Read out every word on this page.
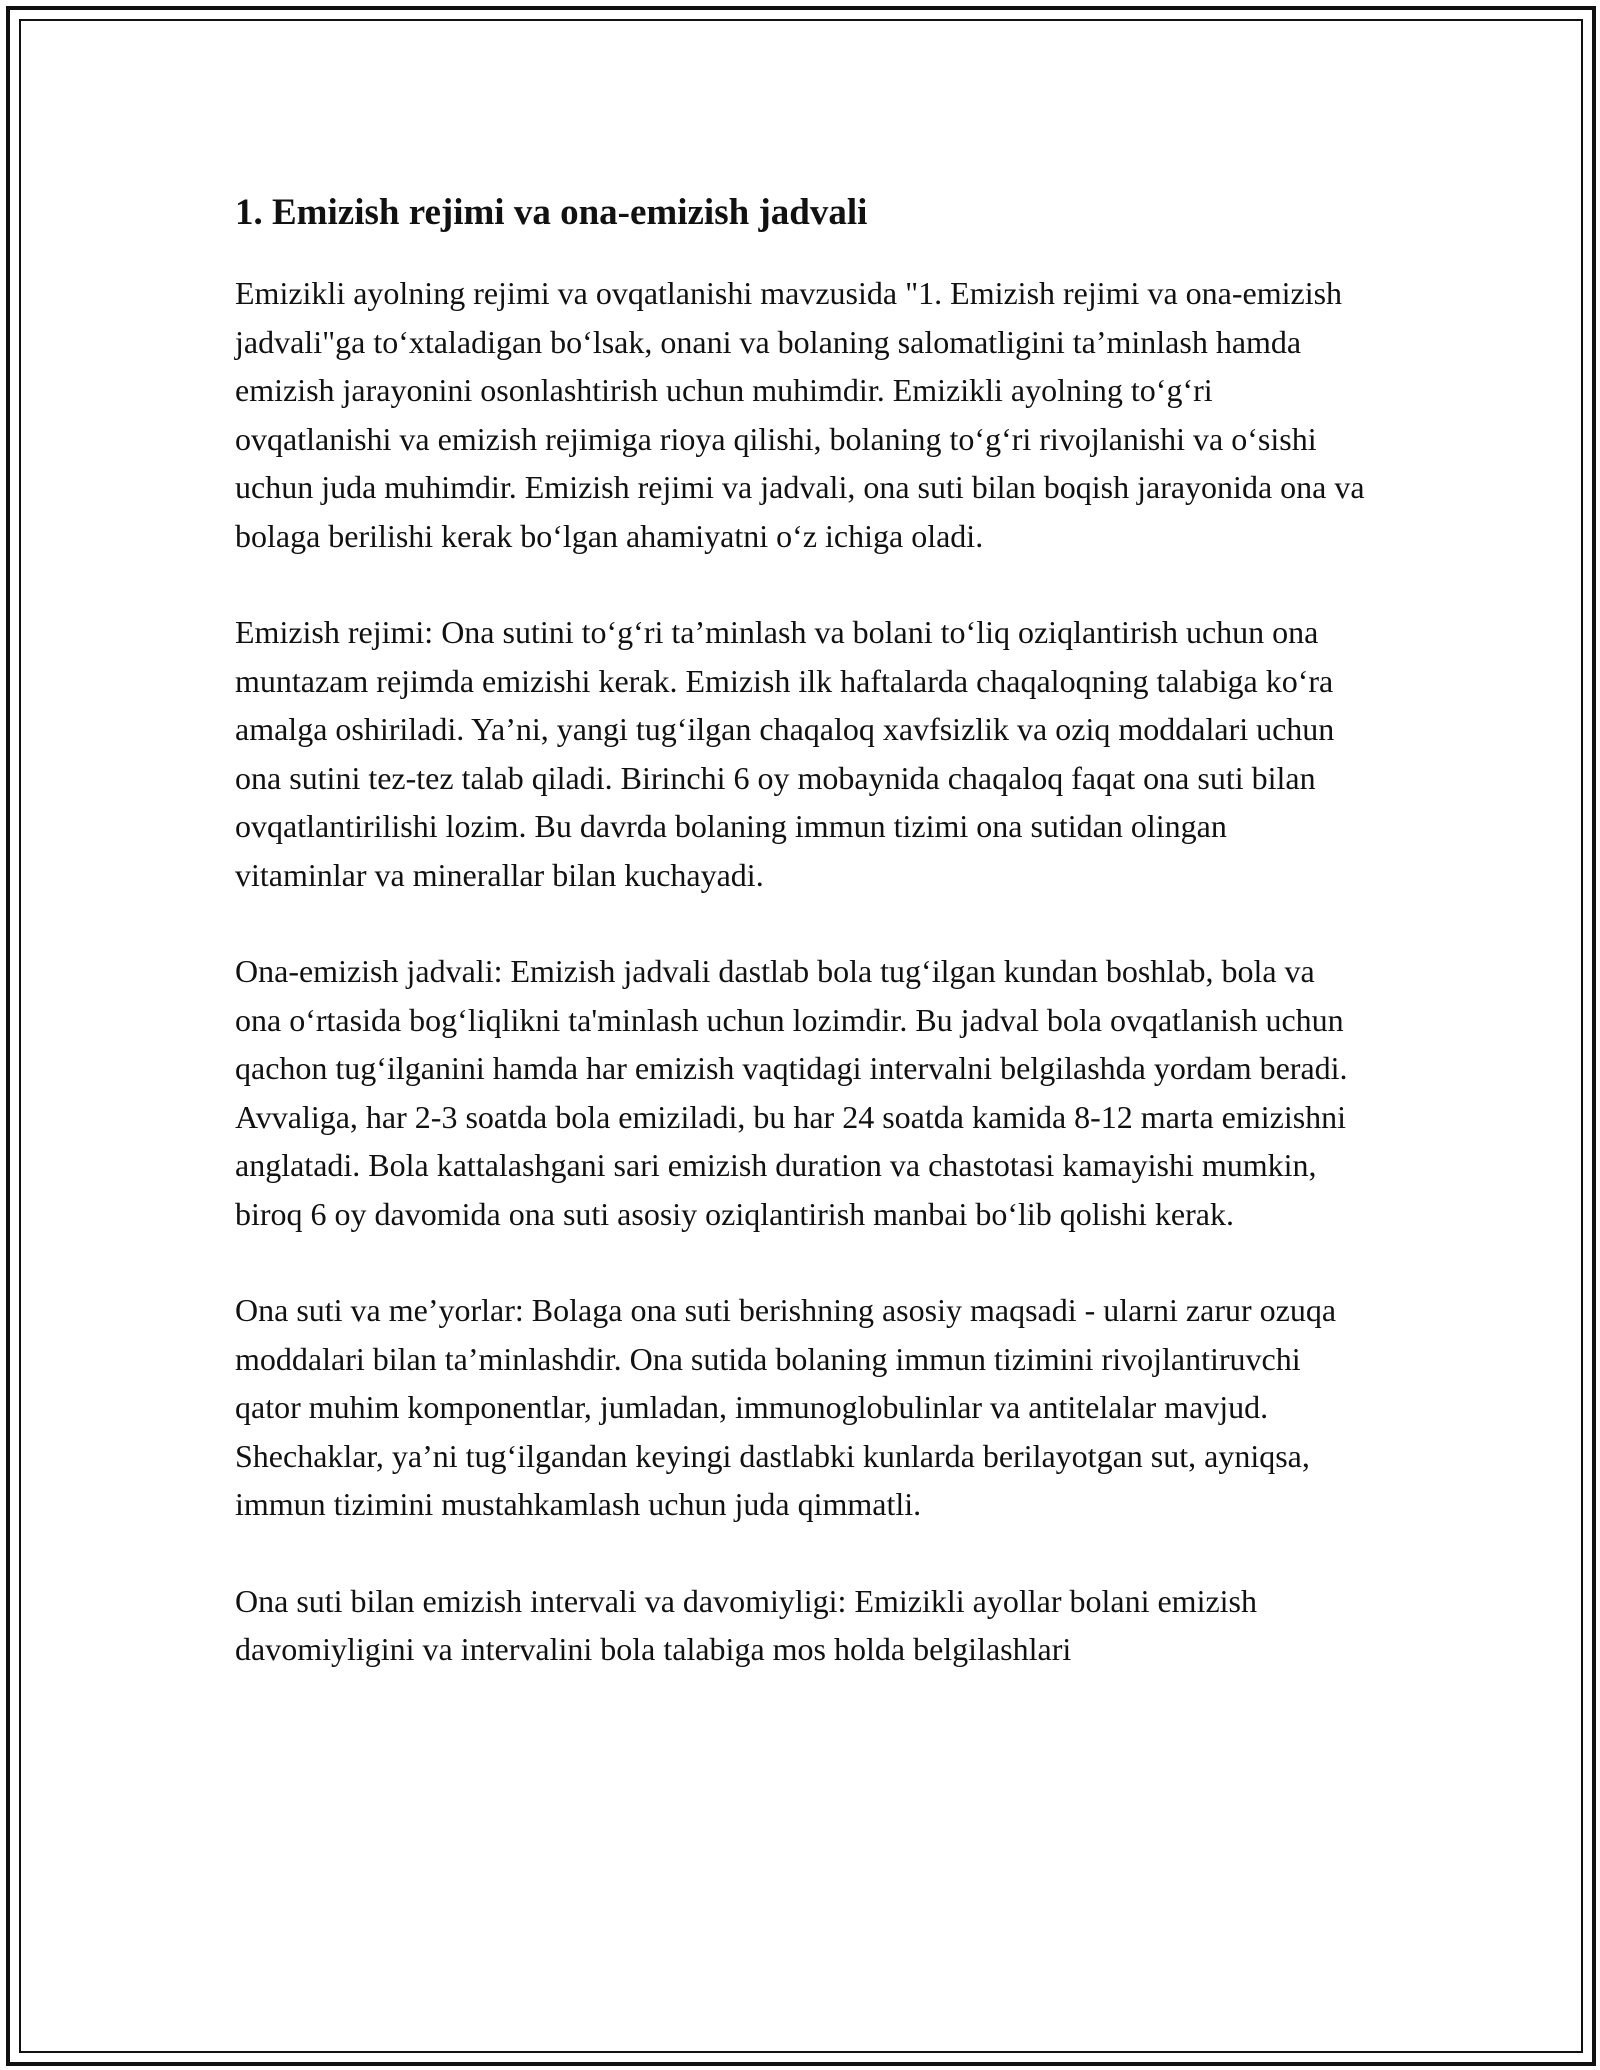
1. Emizish rejimi va ona-emizish jadvali

Emizikli ayolning rejimi va ovqatlanishi mavzusida "1. Emizish rejimi va ona-emizish jadvali"ga to‘xtaladigan bo‘lsak, onani va bolaning salomatligini ta’minlash hamda emizish jarayonini osonlashtirish uchun muhimdir. Emizikli ayolning to‘g‘ri ovqatlanishi va emizish rejimiga rioya qilishi, bolaning to‘g‘ri rivojlanishi va o‘sishi uchun juda muhimdir. Emizish rejimi va jadvali, ona suti bilan boqish jarayonida ona va bolaga berilishi kerak bo‘lgan ahamiyatni o‘z ichiga oladi.

Emizish rejimi: Ona sutini to‘g‘ri ta’minlash va bolani to‘liq oziqlantirish uchun ona muntazam rejimda emizishi kerak. Emizish ilk haftalarda chaqaloqning talabiga ko‘ra amalga oshiriladi. Ya’ni, yangi tug‘ilgan chaqaloq xavfsizlik va oziq moddalari uchun ona sutini tez-tez talab qiladi. Birinchi 6 oy mobaynida chaqaloq faqat ona suti bilan ovqatlantirilishi lozim. Bu davrda bolaning immun tizimi ona sutidan olingan vitaminlar va minerallar bilan kuchayadi.

Ona-emizish jadvali: Emizish jadvali dastlab bola tug‘ilgan kundan boshlab, bola va ona o‘rtasida bog‘liqlikni ta'minlash uchun lozimdir. Bu jadval bola ovqatlanish uchun qachon tug‘ilganini hamda har emizish vaqtidagi intervalni belgilashda yordam beradi. Avvaliga, har 2-3 soatda bola emiziladi, bu har 24 soatda kamida 8-12 marta emizishni anglatadi. Bola kattalashgani sari emizish duration va chastotasi kamayishi mumkin, biroq 6 oy davomida ona suti asosiy oziqlantirish manbai bo‘lib qolishi kerak.

Ona suti va me’yorlar: Bolaga ona suti berishning asosiy maqsadi - ularni zarur ozuqa moddalari bilan ta’minlashdir. Ona sutida bolaning immun tizimini rivojlantiruvchi qator muhim komponentlar, jumladan, immunoglobulinlar va antitelalar mavjud. Shechaklar, ya’ni tug‘ilgandan keyingi dastlabki kunlarda berilayotgan sut, ayniqsa, immun tizimini mustahkamlash uchun juda qimmatli.

Ona suti bilan emizish intervali va davomiyligi: Emizikli ayollar bolani emizish davomiyligini va intervalini bola talabiga mos holda belgilashlari
